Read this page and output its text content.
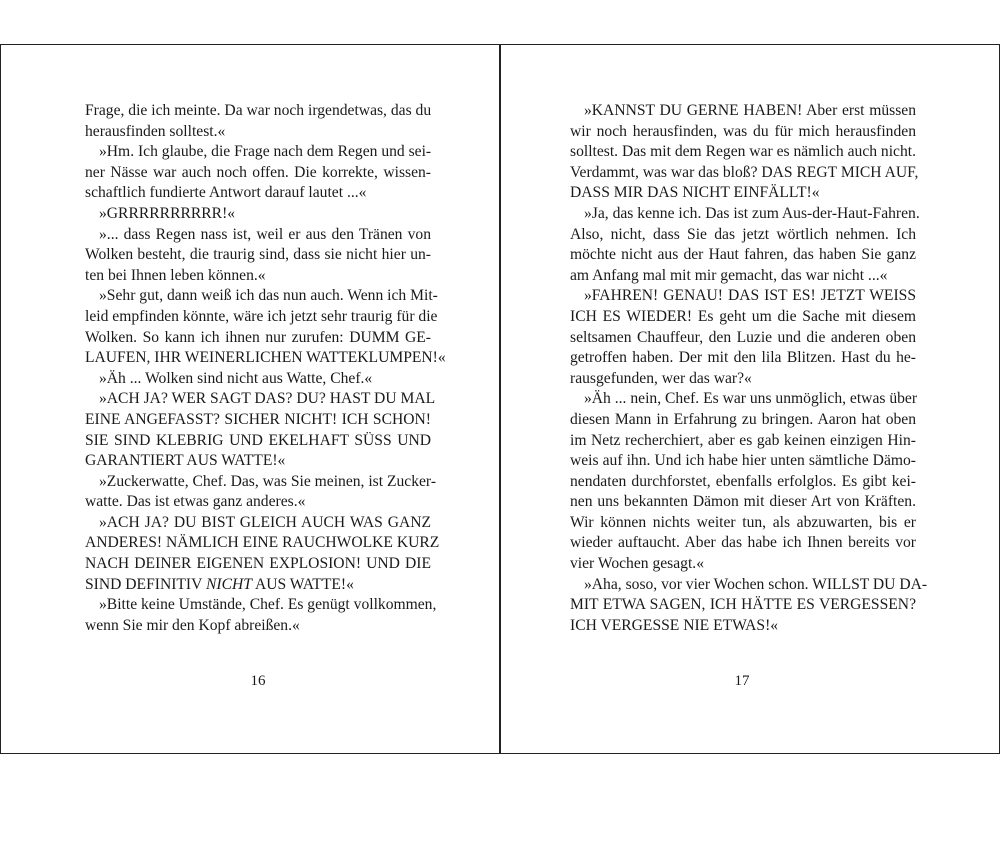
Frage, die ich meinte. Da war noch irgendetwas, das du
herausfinden solltest.«
»Hm. Ich glaube, die Frage nach dem Regen und sei-
ner Nässe war auch noch offen. Die korrekte, wissen-
schaftlich fundierte Antwort darauf lautet ...«
»GRRRRRRRRRR!«
»... dass Regen nass ist, weil er aus den Tränen von
Wolken besteht, die traurig sind, dass sie nicht hier un-
ten bei Ihnen leben können.«
»Sehr gut, dann weiß ich das nun auch. Wenn ich Mit-
leid empfinden könnte, wäre ich jetzt sehr traurig für die
Wolken. So kann ich ihnen nur zurufen: DUMM GE-
LAUFEN, IHR WEINERLICHEN WATTEKLUMPEN!«
»Äh ... Wolken sind nicht aus Watte, Chef.«
»ACH JA? WER SAGT DAS? DU? HAST DU MAL
EINE ANGEFASST? SICHER NICHT! ICH SCHON!
SIE SIND KLEBRIG UND EKELHAFT SÜSS UND
GARANTIERT AUS WATTE!«
»Zuckerwatte, Chef. Das, was Sie meinen, ist Zucker-
watte. Das ist etwas ganz anderes.«
»ACH JA? DU BIST GLEICH AUCH WAS GANZ
ANDERES! NÄMLICH EINE RAUCHWOLKE KURZ
NACH DEINER EIGENEN EXPLOSION! UND DIE
SIND DEFINITIV NICHT AUS WATTE!«
»Bitte keine Umstände, Chef. Es genügt vollkommen,
wenn Sie mir den Kopf abreißen.«
16
»KANNST DU GERNE HABEN! Aber erst müssen
wir noch herausfinden, was du für mich herausfinden
solltest. Das mit dem Regen war es nämlich auch nicht.
Verdammt, was war das bloß? DAS REGT MICH AUF,
DASS MIR DAS NICHT EINFÄLLT!«
»Ja, das kenne ich. Das ist zum Aus-der-Haut-Fahren.
Also, nicht, dass Sie das jetzt wörtlich nehmen. Ich
möchte nicht aus der Haut fahren, das haben Sie ganz
am Anfang mal mit mir gemacht, das war nicht ...«
»FAHREN! GENAU! DAS IST ES! JETZT WEISS
ICH ES WIEDER! Es geht um die Sache mit diesem
seltsamen Chauffeur, den Luzie und die anderen oben
getroffen haben. Der mit den lila Blitzen. Hast du he-
rausgefunden, wer das war?«
»Äh ... nein, Chef. Es war uns unmöglich, etwas über
diesen Mann in Erfahrung zu bringen. Aaron hat oben
im Netz recherchiert, aber es gab keinen einzigen Hin-
weis auf ihn. Und ich habe hier unten sämtliche Dämo-
nendaten durchforstet, ebenfalls erfolglos. Es gibt kei-
nen uns bekannten Dämon mit dieser Art von Kräften.
Wir können nichts weiter tun, als abzuwarten, bis er
wieder auftaucht. Aber das habe ich Ihnen bereits vor
vier Wochen gesagt.«
»Aha, soso, vor vier Wochen schon. WILLST DU DA-
MIT ETWA SAGEN, ICH HÄTTE ES VERGESSEN?
ICH VERGESSE NIE ETWAS!«
17
